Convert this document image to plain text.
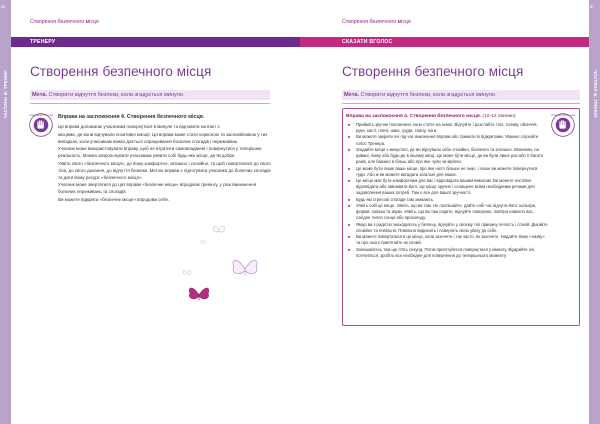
86
ЧАСТИНА Б: ТРЕНІНГ
Створення безпечного місця
ТРЕНЕРУ
Створення безпечного місця
Мета. Створити відчуття безпеки, коли згадується минуле.
ВПРАВА НА ЗАСПОКОЄННЯ Вправа на заспокоєння 4. Створення безпечного місця.

Ця вправа допомагає учасникам повернутися в минуле та відновити контакт з

місцями, де вони відчували позитивні емоції. Ця вправа може стати корисною та заспокійливою у тих випадках, коли учасникам важко дається опрацювання болючих спогадів і переживань.

Учасник може використовувати вправу, щоб не втратити самовладання і повернутися у теперішню реальність. Можна запропонувати учасникам уявити собі будь-яке місце, де їм добре.

Уявіть свого «безпечного місця», де йому комфортно, затишно і спокійно, та щоб поверталися до свого тіла, до свого дихання, до відчуття безпеки. Метою вправи є підготувати учасника до болючих спогадів та дати йому ресурс «безпечного місця».

Учасник може звертатися до цієї вправи «безпечне місце» впродовж тренінгу, у разі виникнення болючих переживань та спогадів.

Ви можете відкрити «безпечне місце» впродовж себе.

87
ЧАСТИНА Б: ТРЕНІНГ
Створення безпечного місця
СКАЗАТИ ВГОЛОС
Створення безпечного місця
Мета. Створити відчуття безпеки, коли згадується минуле.
ВПРАВА НА ЗАСПОКОЄННЯ
Вправа на заспокоєння 4. Створення безпечного місця. (10-12 хвилин)
■ Прийміть зручне положення, коли стоїте на землі. Відчуйте і розслабте тіло, голову, обличчя, руки, кисті, плечі, шию, груди, спину, ноги.
■ Ви можете закрити очі під час виконання вправи або тримати їх відкритими. Уважно слухайте голос Тренера.
■ Згадайте місце з минулого, де ви відчували себе спокійно, безпечно та затишно. Можливо, на дивані, ліжку або будь-де в іншому місці. Це може бути місце, де ви були лише раз або її багато разів, але бажано в більш або про яке чули чи мріяли.
■ Це може бути лише ваше місце, про яке ніхто більше не знає, і лише ви можете повернутися туди. Або ж ви можете вигадати загальні для інших.
■ Це місце має бути комфортним для вас і відповідати вашим вимогам. Ви можете постійно відповідати або змінювати його. Це місце зручне і оснащене всіма необхідними речами для задоволення ваших потреб. Там є все для вашої зручності.
■ Будь-які стресові спогади там зникають.
■ Уявіть собі це місце. Уявіть, що ви там. Не поспішайте, дайте собі час відчути його: кольори, форми, запахи та звуки. Уявіть, що ви там сидите, відчуйте поверхню, повітря навколо вас, лагідне тепло сонця або прохолоду.
■ Якщо ви з радістю знаходитесь у безпеці, відчуйте у своєму тілі приємну легкість і спокій. Дихайте спокійно та повільно. Повільно видихніть і поверніть свою увагу до себе.
■ Ви можете повертатися в це місце, коли захочете і так часто, як захочете. Надайте йому «назву» та про нього пам'ятайте як спокій.
■ Залишайтесь там ще п'ять секунд. Потім приготуйтеся повернутися у кімнату. Відкрийте очі, потягніться, зробіть все необхідне для повернення до теперішнього моменту.
